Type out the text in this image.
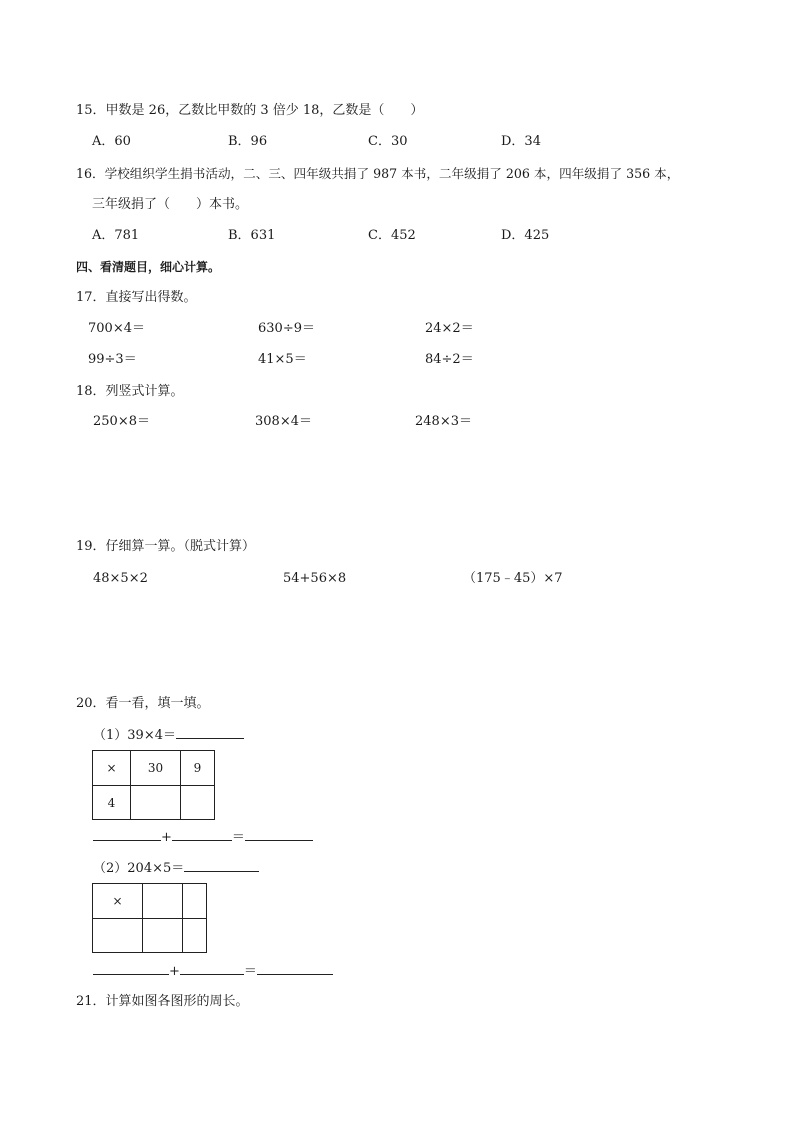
15．甲数是 26，乙数比甲数的 3 倍少 18，乙数是（　　）
A．60	B．96	C．30	D．34
16．学校组织学生捐书活动，二、三、四年级共捐了 987 本书，二年级捐了 206 本，四年级捐了 356 本，
三年级捐了（　　）本书。
A．781	B．631	C．452	D．425
四、看清题目，细心计算。
17．直接写出得数。
700×4＝	630÷9＝	24×2＝
99÷3＝	41×5＝	84÷2＝
18．列竖式计算。
250×8＝	308×4＝	248×3＝
19．仔细算一算。（脱式计算）
48×5×2	54+56×8	（175﹣45）×7
20．看一看，填一填。
（1）39×4＝
×	30	9
4		
+	＝
（2）204×5＝
×		

+	＝
21．计算如图各图形的周长。
